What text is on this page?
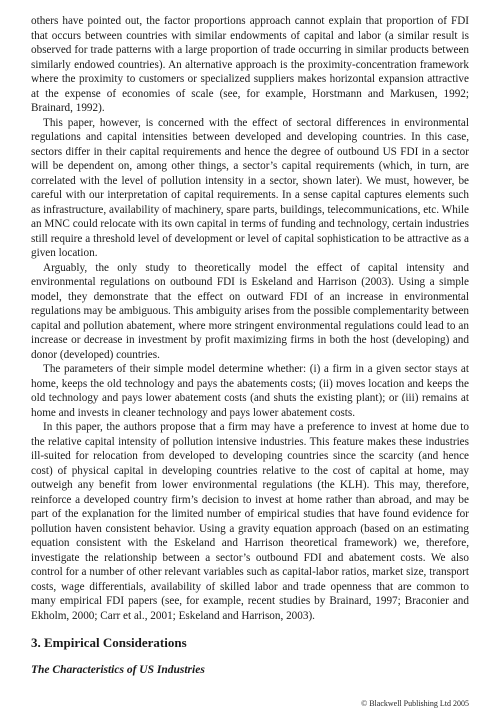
others have pointed out, the factor proportions approach cannot explain that proportion of FDI that occurs between countries with similar endowments of capital and labor (a similar result is observed for trade patterns with a large proportion of trade occurring in similar products between similarly endowed countries). An alternative approach is the proximity-concentration framework where the proximity to customers or specialized suppliers makes horizontal expansion attractive at the expense of economies of scale (see, for example, Horstmann and Markusen, 1992; Brainard, 1992).

This paper, however, is concerned with the effect of sectoral differences in environmental regulations and capital intensities between developed and developing countries. In this case, sectors differ in their capital requirements and hence the degree of outbound US FDI in a sector will be dependent on, among other things, a sector’s capital requirements (which, in turn, are correlated with the level of pollution intensity in a sector, shown later). We must, however, be careful with our interpretation of capital requirements. In a sense capital captures elements such as infrastructure, availability of machinery, spare parts, buildings, telecommunications, etc. While an MNC could relocate with its own capital in terms of funding and technology, certain industries still require a threshold level of development or level of capital sophistication to be attractive as a given location.

Arguably, the only study to theoretically model the effect of capital intensity and environmental regulations on outbound FDI is Eskeland and Harrison (2003). Using a simple model, they demonstrate that the effect on outward FDI of an increase in environmental regulations may be ambiguous. This ambiguity arises from the possible complementarity between capital and pollution abatement, where more stringent environmental regulations could lead to an increase or decrease in investment by profit maximizing firms in both the host (developing) and donor (developed) countries.

The parameters of their simple model determine whether: (i) a firm in a given sector stays at home, keeps the old technology and pays the abatements costs; (ii) moves location and keeps the old technology and pays lower abatement costs (and shuts the existing plant); or (iii) remains at home and invests in cleaner technology and pays lower abatement costs.

In this paper, the authors propose that a firm may have a preference to invest at home due to the relative capital intensity of pollution intensive industries. This feature makes these industries ill-suited for relocation from developed to developing countries since the scarcity (and hence cost) of physical capital in developing countries relative to the cost of capital at home, may outweigh any benefit from lower environmental regulations (the KLH). This may, therefore, reinforce a developed country firm’s decision to invest at home rather than abroad, and may be part of the explanation for the limited number of empirical studies that have found evidence for pollution haven consistent behavior. Using a gravity equation approach (based on an estimating equation consistent with the Eskeland and Harrison theoretical framework) we, therefore, investigate the relationship between a sector’s outbound FDI and abatement costs. We also control for a number of other relevant variables such as capital-labor ratios, market size, transport costs, wage differentials, availability of skilled labor and trade openness that are common to many empirical FDI papers (see, for example, recent studies by Brainard, 1997; Braconier and Ekholm, 2000; Carr et al., 2001; Eskeland and Harrison, 2003).

3. Empirical Considerations
The Characteristics of US Industries
© Blackwell Publishing Ltd 2005
